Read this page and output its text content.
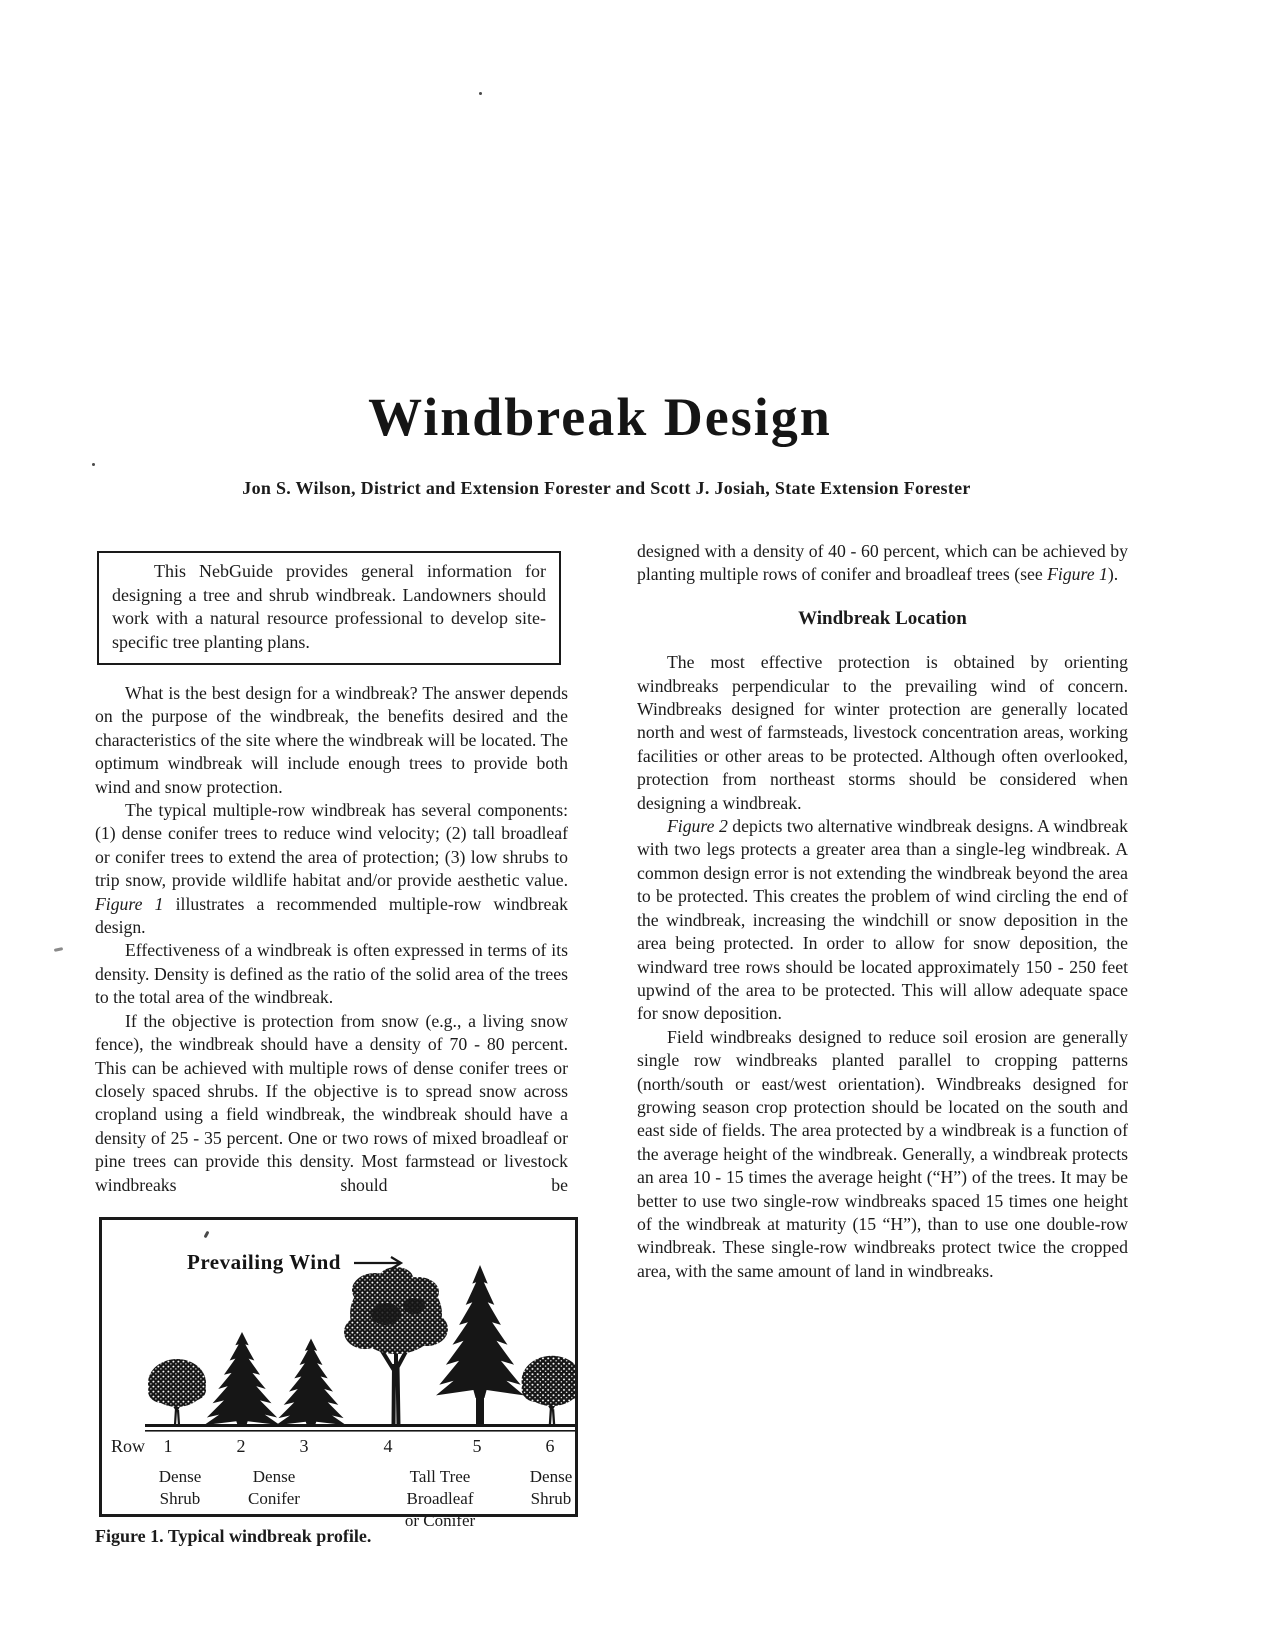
Windbreak Design
Jon S. Wilson, District and Extension Forester and Scott J. Josiah, State Extension Forester

This NebGuide provides general information for designing a tree and shrub windbreak. Landowners should work with a natural resource professional to develop site-specific tree planting plans.

What is the best design for a windbreak? The answer depends on the purpose of the windbreak, the benefits desired and the characteristics of the site where the windbreak will be located. The optimum windbreak will include enough trees to provide both wind and snow protection.

The typical multiple-row windbreak has several components: (1) dense conifer trees to reduce wind velocity; (2) tall broadleaf or conifer trees to extend the area of protection; (3) low shrubs to trip snow, provide wildlife habitat and/or provide aesthetic value. Figure 1 illustrates a recommended multiple-row windbreak design.

Effectiveness of a windbreak is often expressed in terms of its density. Density is defined as the ratio of the solid area of the trees to the total area of the windbreak.

If the objective is protection from snow (e.g., a living snow fence), the windbreak should have a density of 70 - 80 percent. This can be achieved with multiple rows of dense conifer trees or closely spaced shrubs. If the objective is to spread snow across cropland using a field windbreak, the windbreak should have a density of 25 - 35 percent. One or two rows of mixed broadleaf or pine trees can provide this density. Most farmstead or livestock windbreaks should be

designed with a density of 40 - 60 percent, which can be achieved by planting multiple rows of conifer and broadleaf trees (see Figure 1).

Windbreak Location

The most effective protection is obtained by orienting windbreaks perpendicular to the prevailing wind of concern. Windbreaks designed for winter protection are generally located north and west of farmsteads, livestock concentration areas, working facilities or other areas to be protected. Although often overlooked, protection from northeast storms should be considered when designing a windbreak.

Figure 2 depicts two alternative windbreak designs. A windbreak with two legs protects a greater area than a single-leg windbreak. A common design error is not extending the windbreak beyond the area to be protected. This creates the problem of wind circling the end of the windbreak, increasing the windchill or snow deposition in the area being protected. In order to allow for snow deposition, the windward tree rows should be located approximately 150 - 250 feet upwind of the area to be protected. This will allow adequate space for snow deposition.

Field windbreaks designed to reduce soil erosion are generally single row windbreaks planted parallel to cropping patterns (north/south or east/west orientation). Windbreaks designed for growing season crop protection should be located on the south and east side of fields. The area protected by a windbreak is a function of the average height of the windbreak. Generally, a windbreak protects an area 10 - 15 times the average height (“H”) of the trees. It may be better to use two single-row windbreaks spaced 15 times one height of the windbreak at maturity (15 “H”), than to use one double-row windbreak. These single-row windbreaks protect twice the cropped area, with the same amount of land in windbreaks.

Prevailing Wind
Row	1	2	3	4	5	6
Dense
Shrub
Dense
Conifer
Tall Tree
Broadleaf
or Conifer
Dense
Shrub
Figure 1. Typical windbreak profile.
